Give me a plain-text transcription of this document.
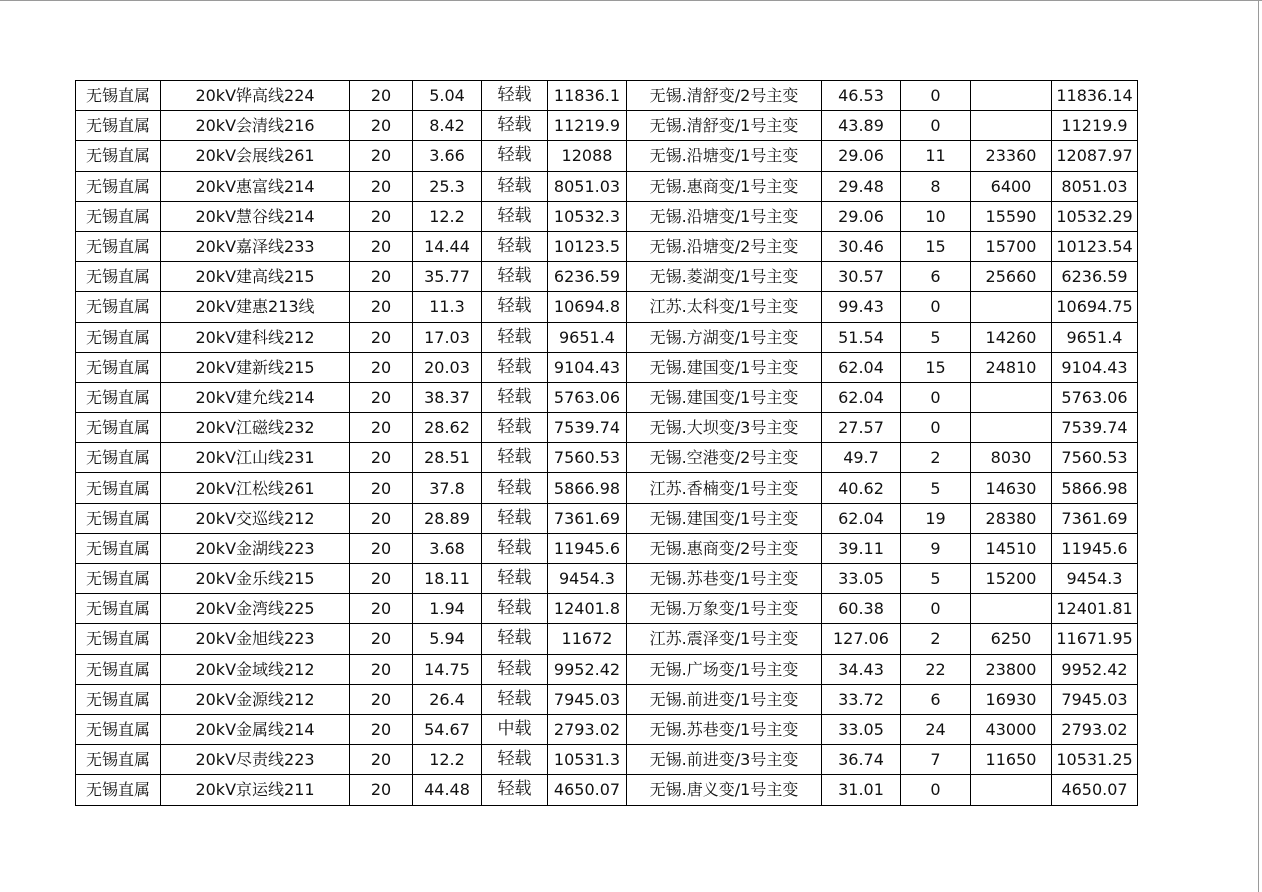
无锡直属	20kV铧高线224	20	5.04	轻载	11836.1	无锡.清舒变/2号主变	46.53	0		11836.14
无锡直属	20kV会清线216	20	8.42	轻载	11219.9	无锡.清舒变/1号主变	43.89	0		11219.9
无锡直属	20kV会展线261	20	3.66	轻载	12088	无锡.沿塘变/1号主变	29.06	11	23360	12087.97
无锡直属	20kV惠富线214	20	25.3	轻载	8051.03	无锡.惠商变/1号主变	29.48	8	6400	8051.03
无锡直属	20kV慧谷线214	20	12.2	轻载	10532.3	无锡.沿塘变/1号主变	29.06	10	15590	10532.29
无锡直属	20kV嘉泽线233	20	14.44	轻载	10123.5	无锡.沿塘变/2号主变	30.46	15	15700	10123.54
无锡直属	20kV建高线215	20	35.77	轻载	6236.59	无锡.菱湖变/1号主变	30.57	6	25660	6236.59
无锡直属	20kV建惠213线	20	11.3	轻载	10694.8	江苏.太科变/1号主变	99.43	0		10694.75
无锡直属	20kV建科线212	20	17.03	轻载	9651.4	无锡.方湖变/1号主变	51.54	5	14260	9651.4
无锡直属	20kV建新线215	20	20.03	轻载	9104.43	无锡.建国变/1号主变	62.04	15	24810	9104.43
无锡直属	20kV建允线214	20	38.37	轻载	5763.06	无锡.建国变/1号主变	62.04	0		5763.06
无锡直属	20kV江磁线232	20	28.62	轻载	7539.74	无锡.大坝变/3号主变	27.57	0		7539.74
无锡直属	20kV江山线231	20	28.51	轻载	7560.53	无锡.空港变/2号主变	49.7	2	8030	7560.53
无锡直属	20kV江松线261	20	37.8	轻载	5866.98	江苏.香楠变/1号主变	40.62	5	14630	5866.98
无锡直属	20kV交巡线212	20	28.89	轻载	7361.69	无锡.建国变/1号主变	62.04	19	28380	7361.69
无锡直属	20kV金湖线223	20	3.68	轻载	11945.6	无锡.惠商变/2号主变	39.11	9	14510	11945.6
无锡直属	20kV金乐线215	20	18.11	轻载	9454.3	无锡.苏巷变/1号主变	33.05	5	15200	9454.3
无锡直属	20kV金湾线225	20	1.94	轻载	12401.8	无锡.万象变/1号主变	60.38	0		12401.81
无锡直属	20kV金旭线223	20	5.94	轻载	11672	江苏.震泽变/1号主变	127.06	2	6250	11671.95
无锡直属	20kV金域线212	20	14.75	轻载	9952.42	无锡.广场变/1号主变	34.43	22	23800	9952.42
无锡直属	20kV金源线212	20	26.4	轻载	7945.03	无锡.前进变/1号主变	33.72	6	16930	7945.03
无锡直属	20kV金属线214	20	54.67	中载	2793.02	无锡.苏巷变/1号主变	33.05	24	43000	2793.02
无锡直属	20kV尽责线223	20	12.2	轻载	10531.3	无锡.前进变/3号主变	36.74	7	11650	10531.25
无锡直属	20kV京运线211	20	44.48	轻载	4650.07	无锡.唐义变/1号主变	31.01	0		4650.07
